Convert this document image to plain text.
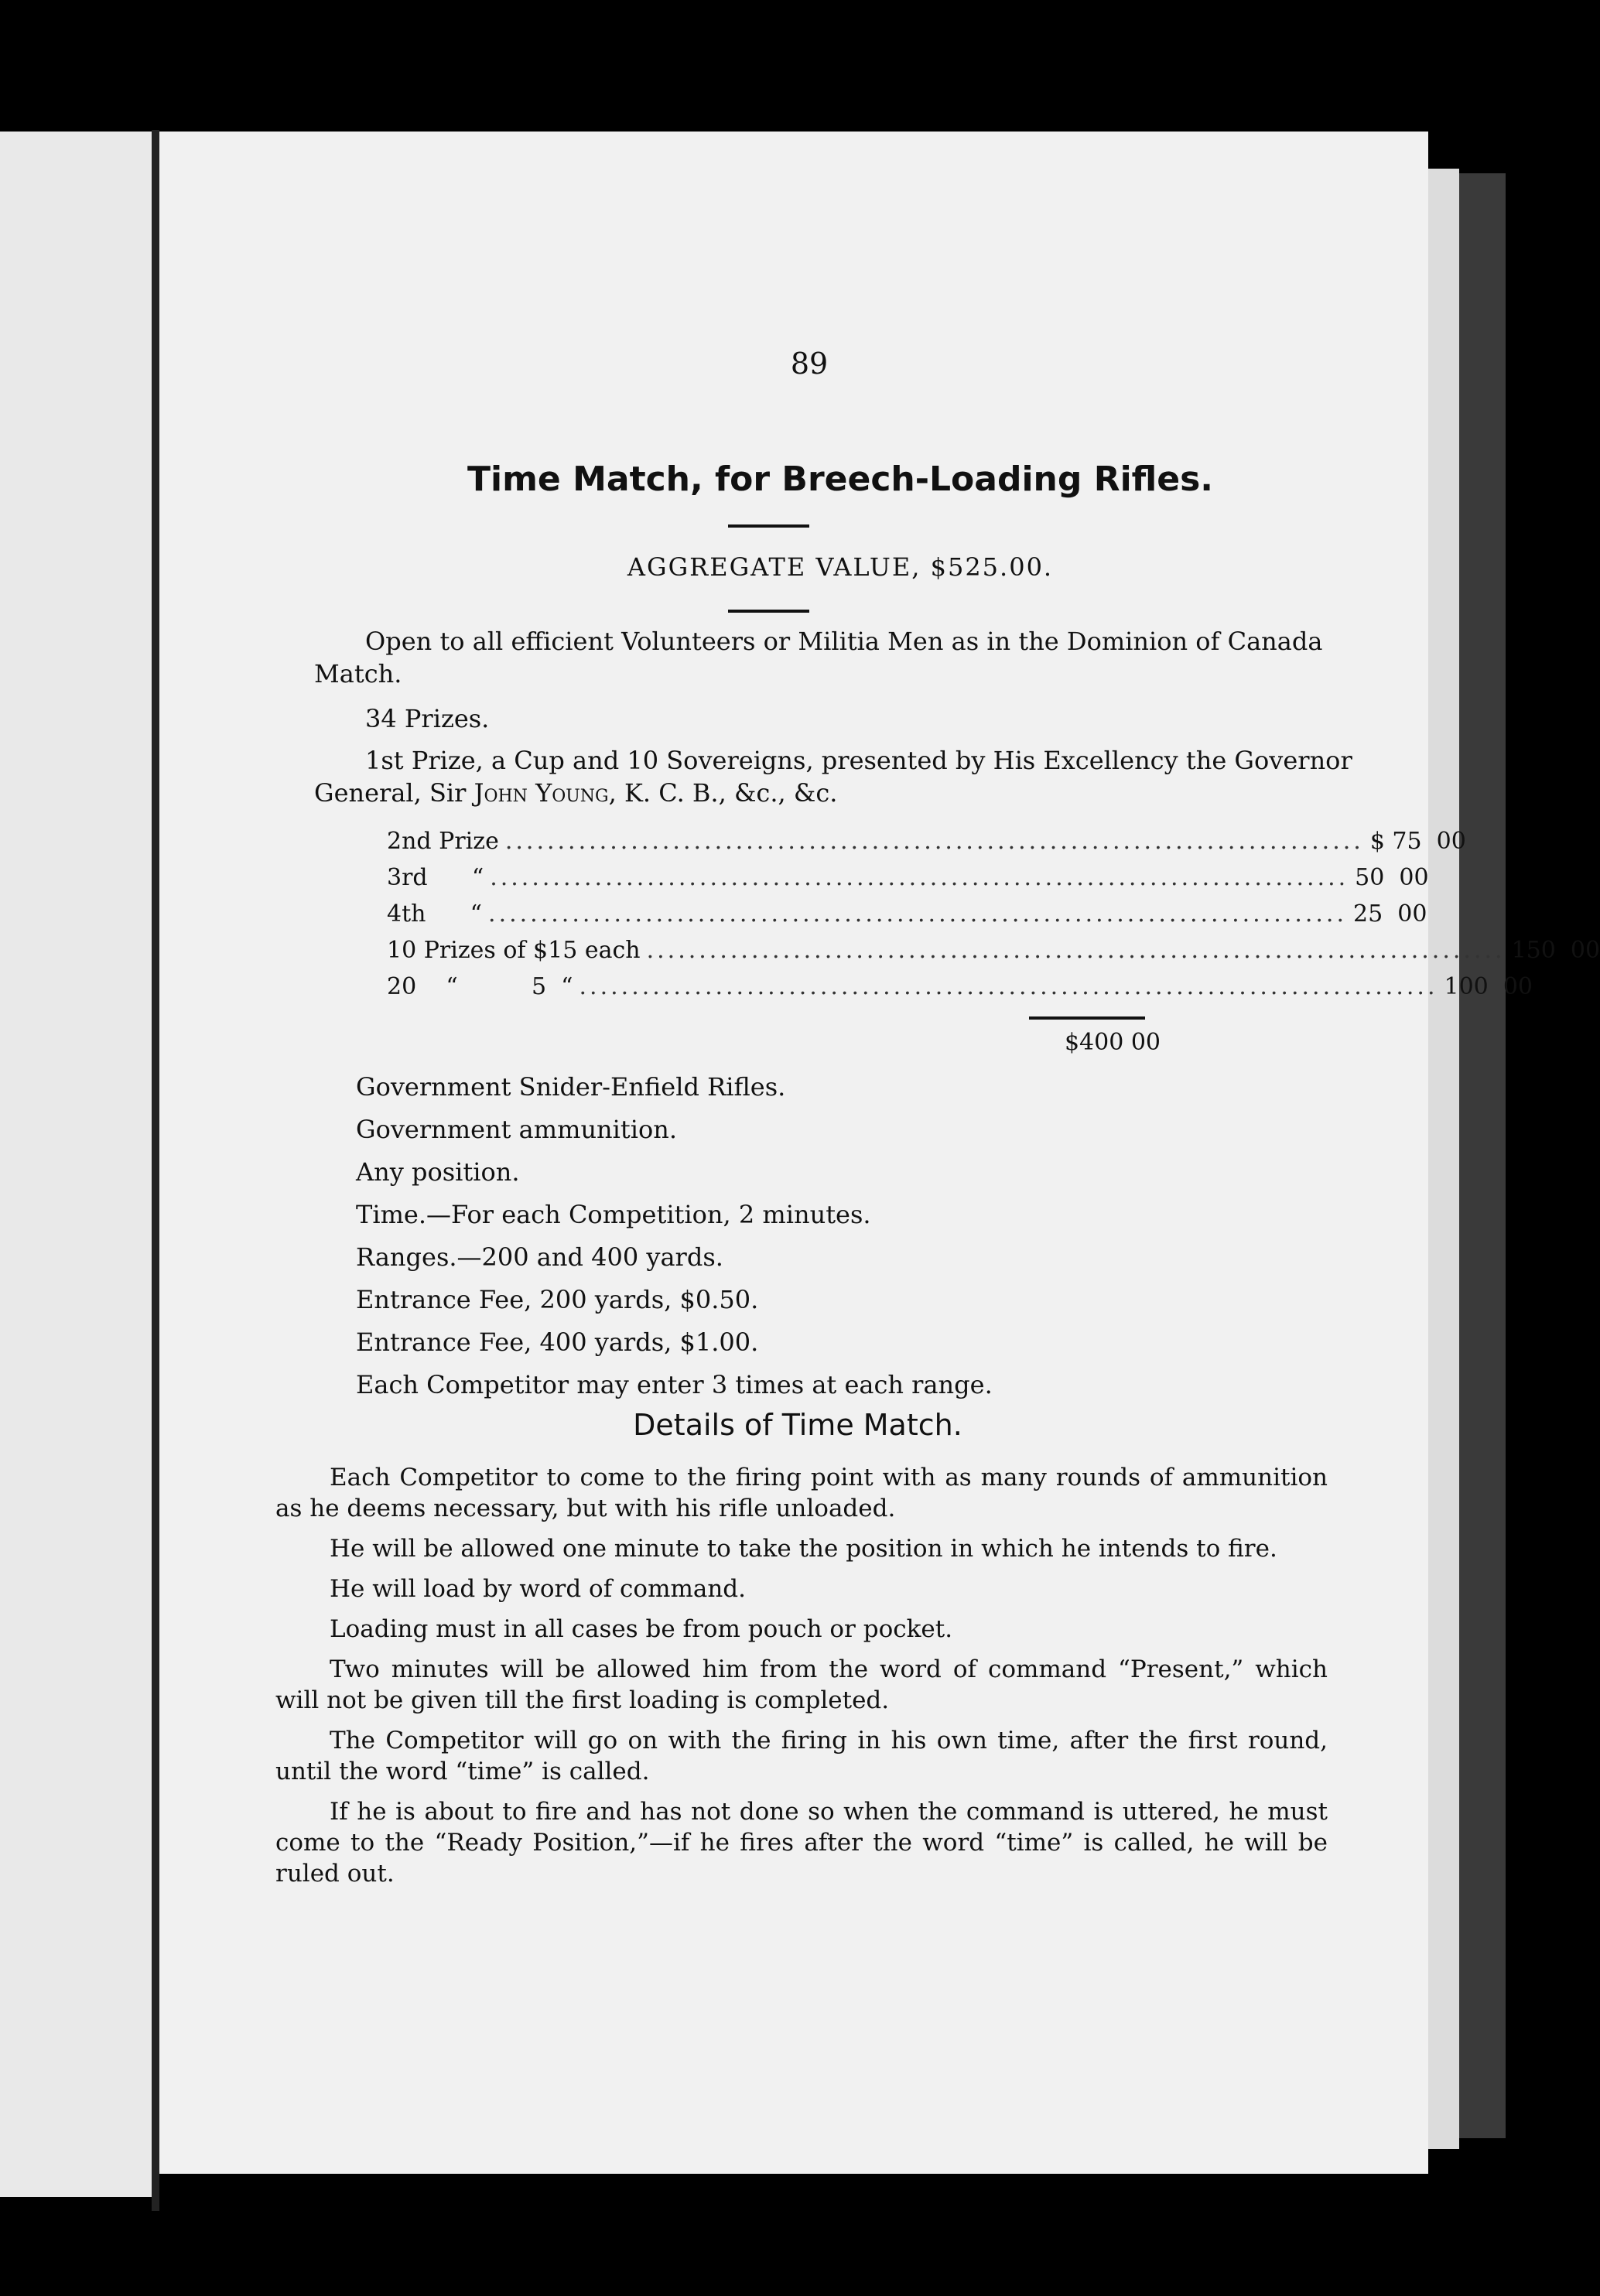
89
Time Match, for Breech-Loading Rifles.
AGGREGATE VALUE, $525.00.
Open to all efficient Volunteers or Militia Men as in the Dominion of Canada Match.
34 Prizes.
1st Prize, a Cup and 10 Sovereigns, presented by His Excellency the Governor General, Sir John Young, K. C. B., &c., &c.
2nd Prize .................................................................................. $ 75  00
3rd      “ .................................................................................. 50  00
4th      “ .................................................................................. 25  00
10 Prizes of $15 each .................................................................................. 150  00
20    “          5  “ .................................................................................. 100  00
$400 00
Government Snider-Enfield Rifles.
Government ammunition.
Any position.
Time.—For each Competition, 2 minutes.
Ranges.—200 and 400 yards.
Entrance Fee, 200 yards, $0.50.
Entrance Fee, 400 yards, $1.00.
Each Competitor may enter 3 times at each range.
Details of Time Match.

Each Competitor to come to the firing point with as many rounds of ammunition as he deems necessary, but with his rifle unloaded.

He will be allowed one minute to take the position in which he intends to fire.

He will load by word of command.

Loading must in all cases be from pouch or pocket.

Two minutes will be allowed him from the word of command “Present,” which will not be given till the first loading is completed.

The Competitor will go on with the firing in his own time, after the first round, until the word “time” is called.

If he is about to fire and has not done so when the command is uttered, he must come to the “Ready Position,”—if he fires after the word “time” is called, he will be ruled out.
